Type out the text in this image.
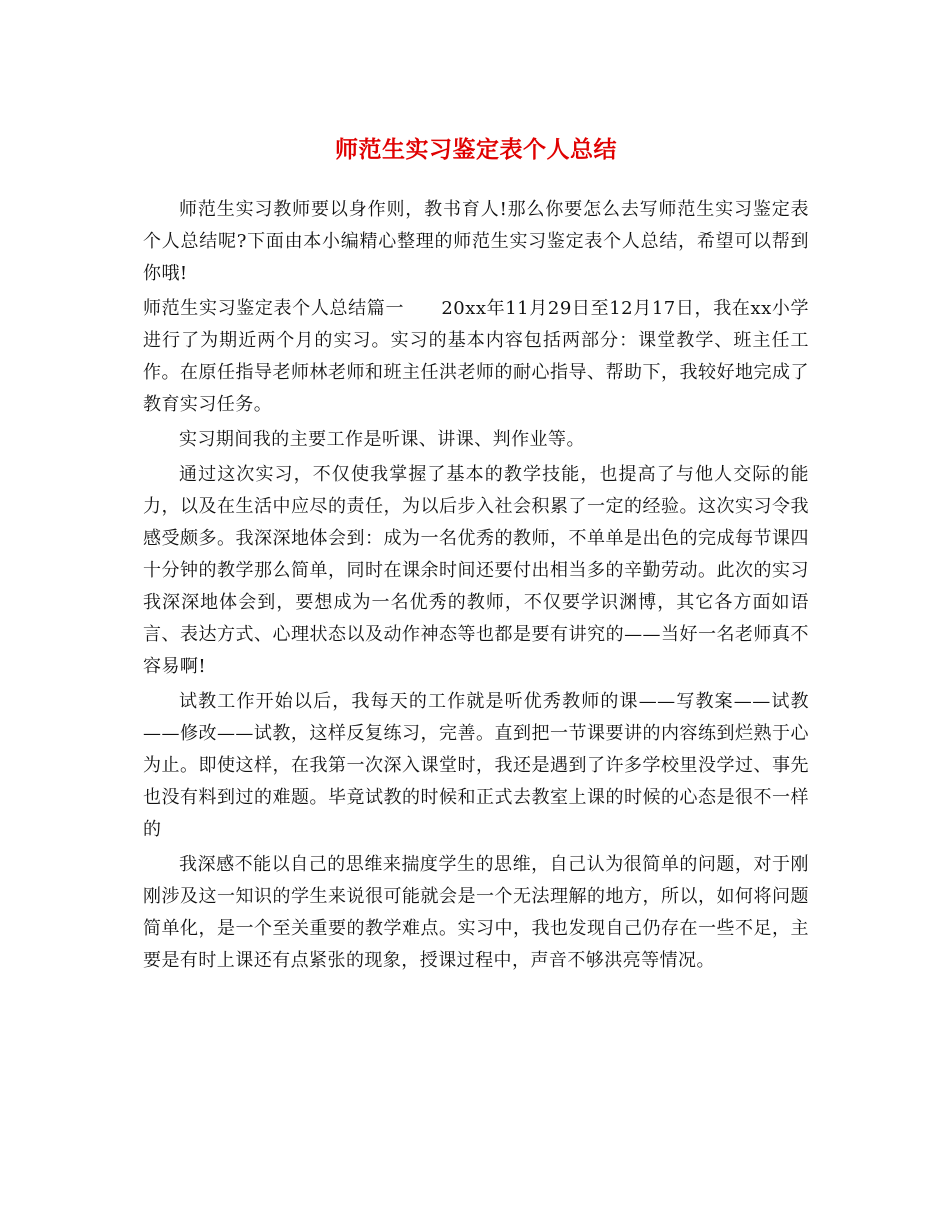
师范生实习鉴定表个人总结

师范生实习教师要以身作则，教书育人!那么你要怎么去写师范生实习鉴定表个人总结呢?下面由本小编精心整理的师范生实习鉴定表个人总结，希望可以帮到你哦!

师范生实习鉴定表个人总结篇一　　20xx年11月29日至12月17日，我在xx小学进行了为期近两个月的实习。实习的基本内容包括两部分：课堂教学、班主任工作。在原任指导老师林老师和班主任洪老师的耐心指导、帮助下，我较好地完成了教育实习任务。

实习期间我的主要工作是听课、讲课、判作业等。

通过这次实习，不仅使我掌握了基本的教学技能，也提高了与他人交际的能力，以及在生活中应尽的责任，为以后步入社会积累了一定的经验。这次实习令我感受颇多。我深深地体会到：成为一名优秀的教师，不单单是出色的完成每节课四十分钟的教学那么简单，同时在课余时间还要付出相当多的辛勤劳动。此次的实习我深深地体会到，要想成为一名优秀的教师，不仅要学识渊博，其它各方面如语言、表达方式、心理状态以及动作神态等也都是要有讲究的——当好一名老师真不容易啊!

试教工作开始以后，我每天的工作就是听优秀教师的课——写教案——试教——修改——试教，这样反复练习，完善。直到把一节课要讲的内容练到烂熟于心为止。即使这样，在我第一次深入课堂时，我还是遇到了许多学校里没学过、事先也没有料到过的难题。毕竟试教的时候和正式去教室上课的时候的心态是很不一样的

我深感不能以自己的思维来揣度学生的思维，自己认为很简单的问题，对于刚刚涉及这一知识的学生来说很可能就会是一个无法理解的地方，所以，如何将问题简单化，是一个至关重要的教学难点。实习中，我也发现自己仍存在一些不足，主要是有时上课还有点紧张的现象，授课过程中，声音不够洪亮等情况。
